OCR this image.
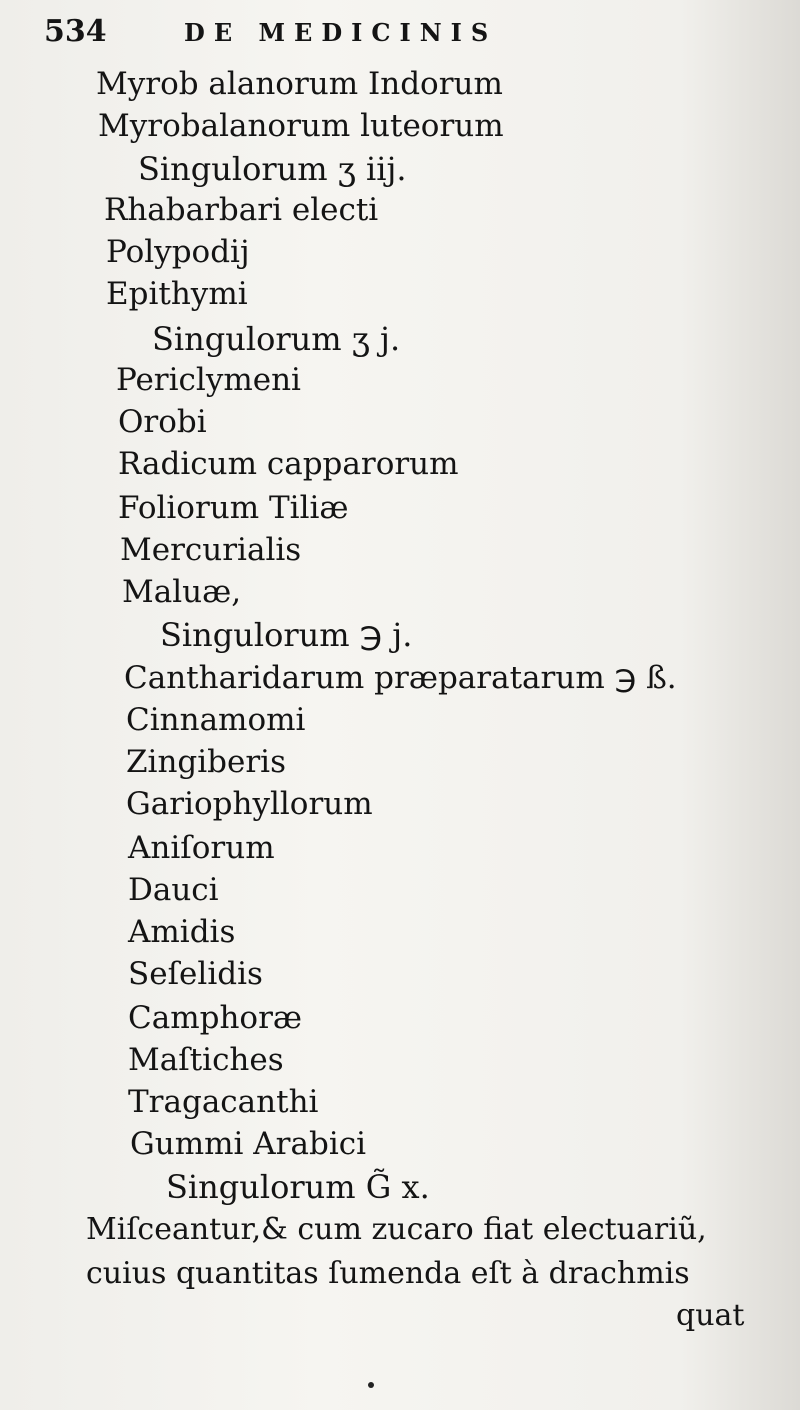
534	DE MEDICINIS
Myrob alanorum Indorum
Myrobalanorum luteorum
Singulorum ʒ iij.
Rhabarbari electi
Polypodij
Epithymi
Singulorum ʒ j.
Periclymeni
Orobi
Radicum capparorum
Foliorum Tiliæ
Mercurialis
Maluæ,
Singulorum ℈ j.
Cantharidarum præparatarum ℈ ß.
Cinnamomi
Zingiberis
Gariophyllorum
Aniſorum
Dauci
Amidis
Seſelidis
Camphoræ
Maſtiches
Tragacanthi
Gummi Arabici
Singulorum G̃ x.
Miſceantur,& cum zucaro fiat electuariũ,
cuius quantitas ſumenda eſt à drachmis
quat
